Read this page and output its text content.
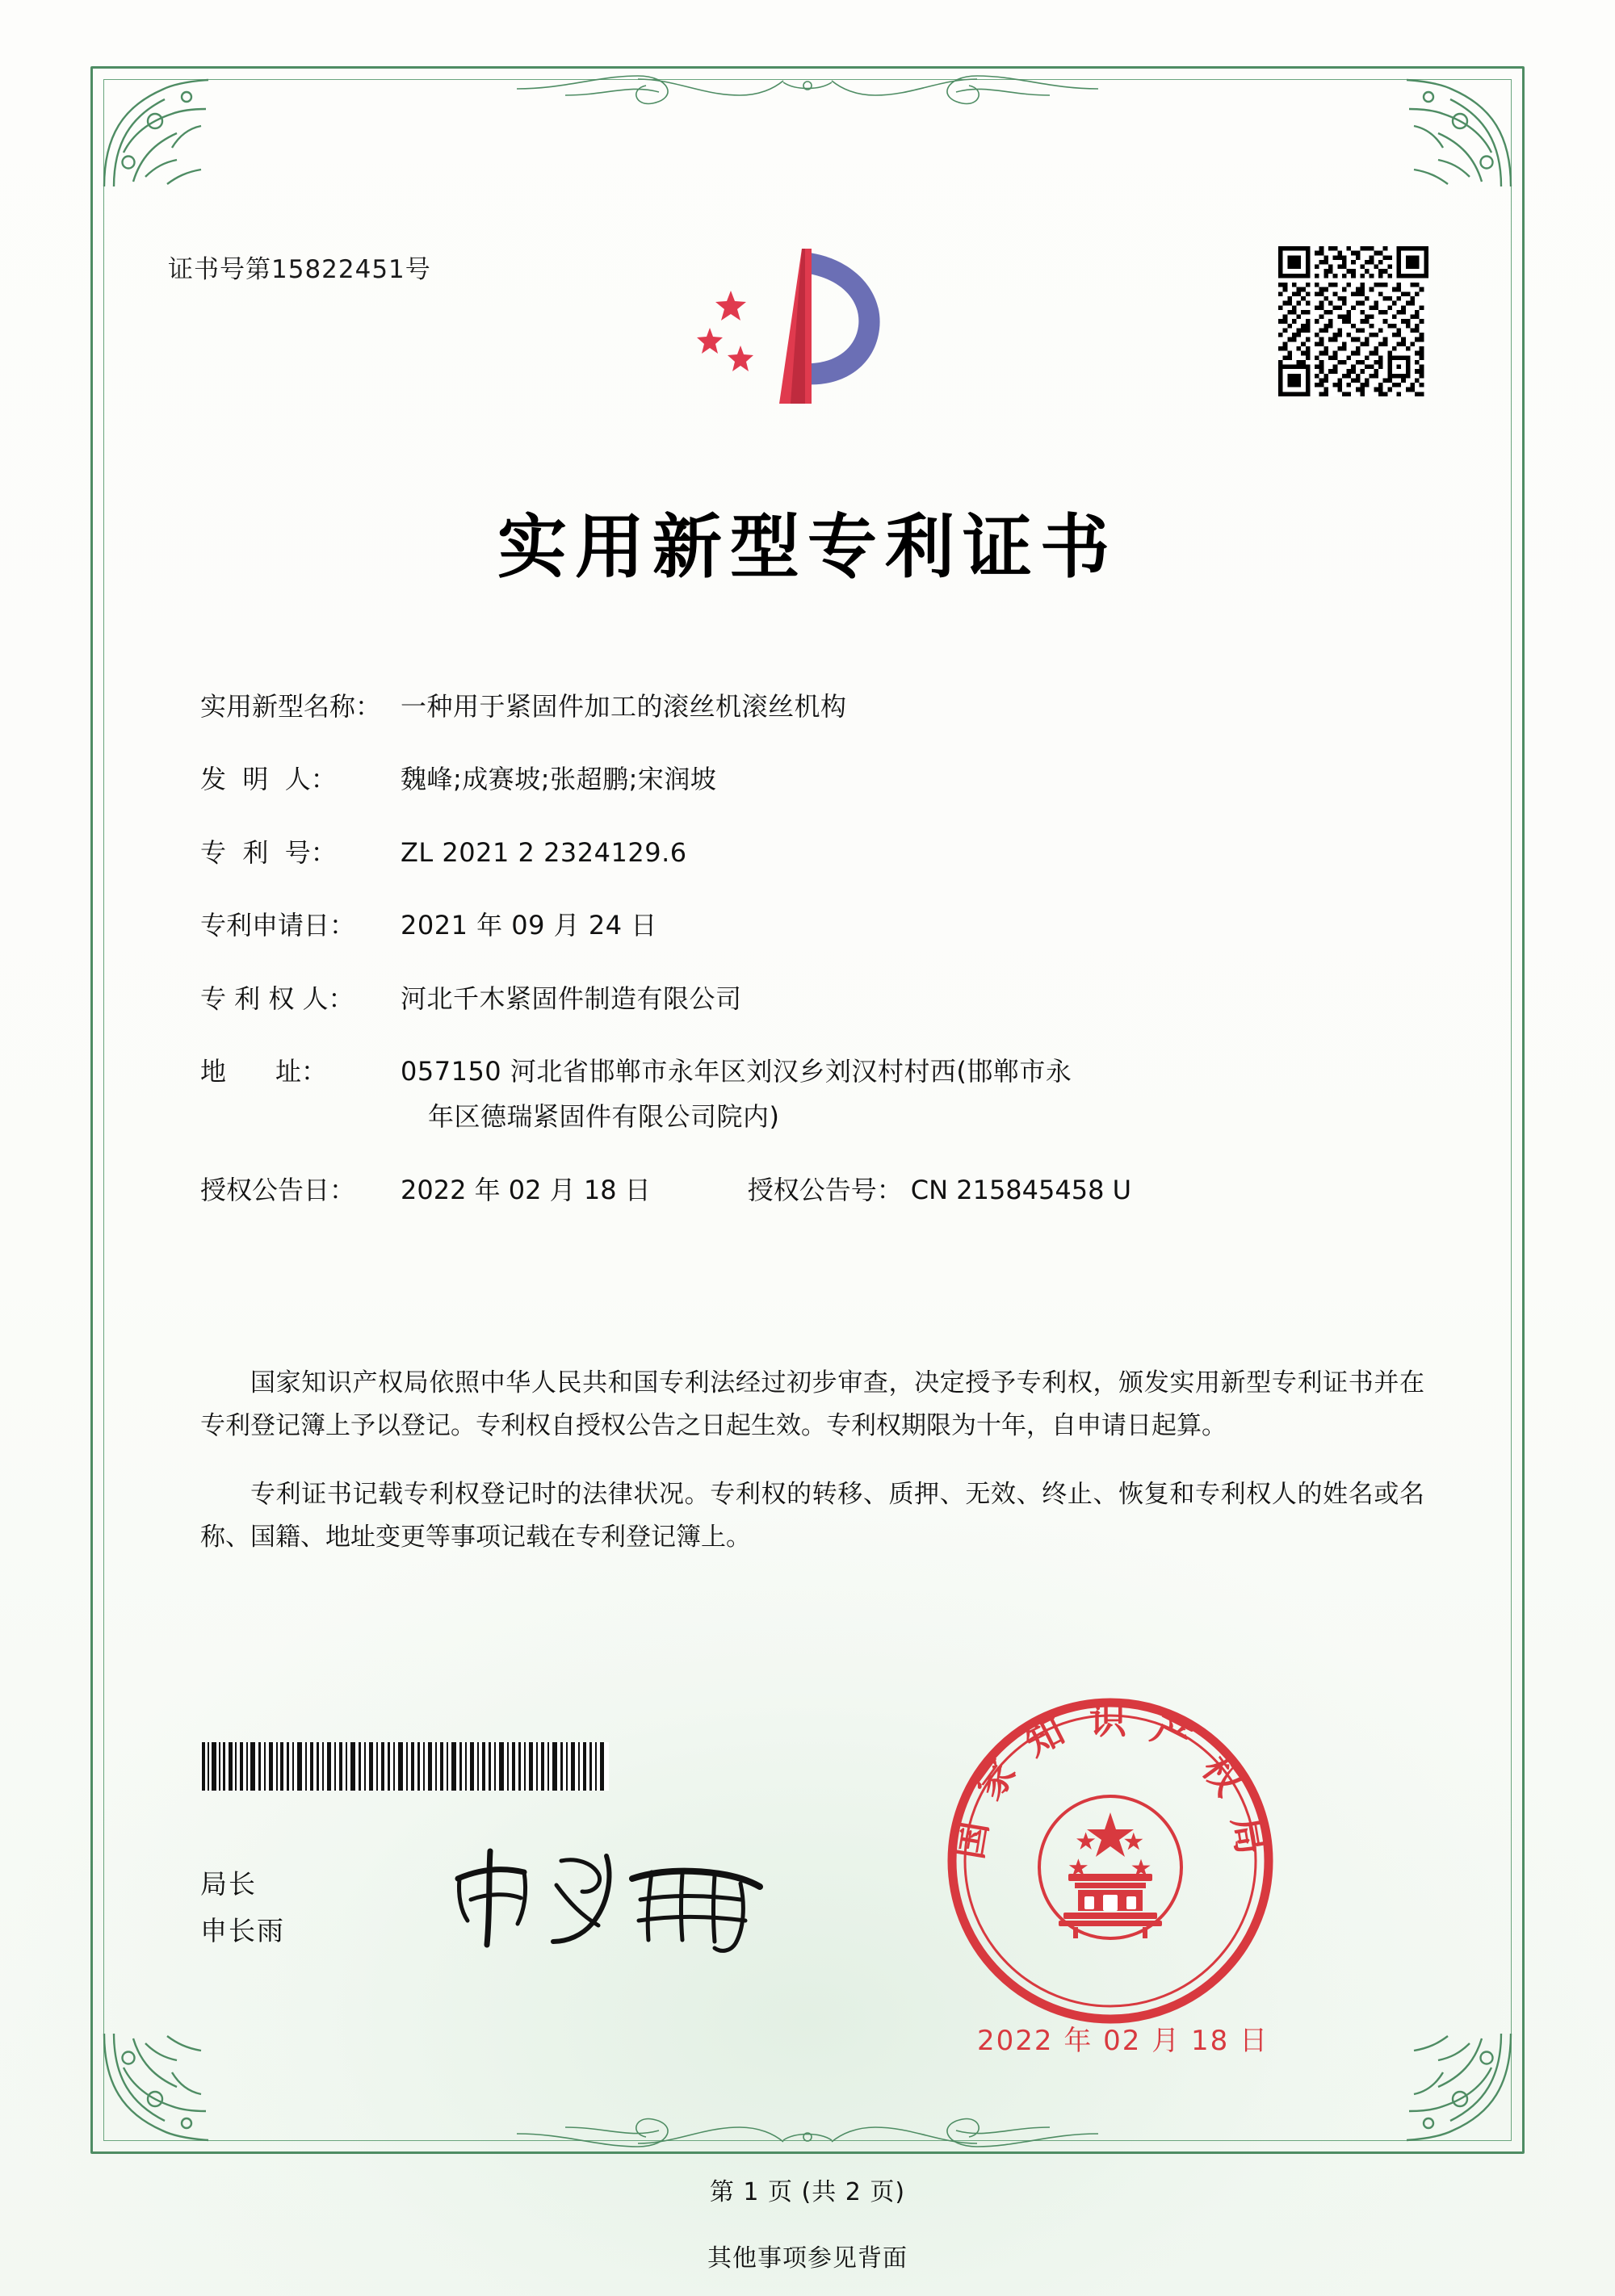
证书号第15822451号
实用新型专利证书
实用新型名称： 一种用于紧固件加工的滚丝机滚丝机构
发  明  人：	魏峰;成赛坡;张超鹏;宋润坡
专  利  号：	ZL 2021 2 2324129.6
专利申请日：	2021 年 09 月 24 日
专 利 权 人：	河北千木紧固件制造有限公司
地      址：	057150 河北省邯郸市永年区刘汉乡刘汉村村西(邯郸市永
年区德瑞紧固件有限公司院内)
授权公告日：	2022 年 02 月 18 日	授权公告号： CN 215845458 U

国家知识产权局依照中华人民共和国专利法经过初步审查，决定授予专利权，颁发实用新型专利证书并在专利登记簿上予以登记。专利权自授权公告之日起生效。专利权期限为十年，自申请日起算。

专利证书记载专利权登记时的法律状况。专利权的转移、质押、无效、终止、恢复和专利权人的姓名或名称、国籍、地址变更等事项记载在专利登记簿上。

局长
申长雨
国 家 知 识 产 权 局
2022 年 02 月 18 日
第 1 页 (共 2 页)
其他事项参见背面
